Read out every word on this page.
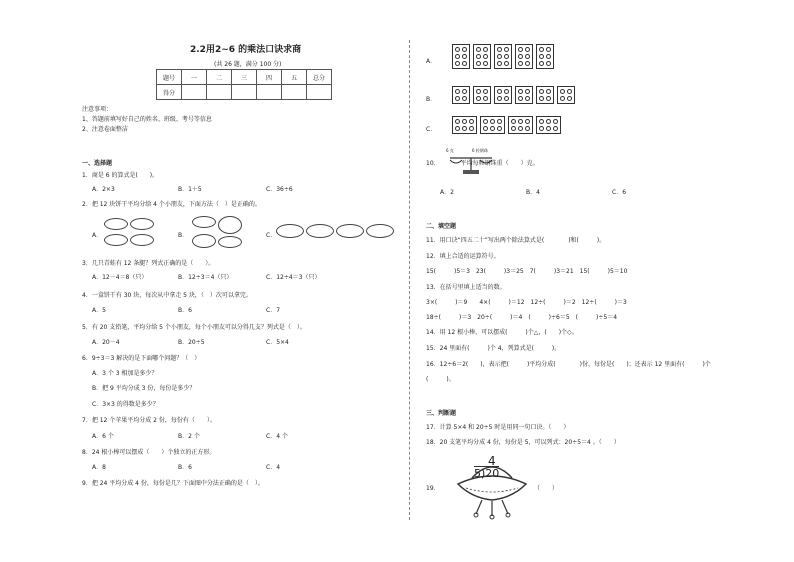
2.2用2~6 的乘法口诀求商
(共 26 题，满分 100 分)
题号	一	二	三	四	五	总分
得分						
注意事项：
1、答题前填写好自己的姓名、班级、考号等信息
2、注意卷面整洁
一、选择题
1．商是 6 的算式是(　　)。
A．2×3	B．1＋5	C．36÷6
2．把 12 块饼干平均分给 4 个小朋友，下面方法（　）是正确的。
A．	B．	C．
3．几只青蛙有 12 条腿？列式正确的是（　　）。
A．12－4＝8（只）	B．12÷3＝4（只）	C．12÷4＝3（只）
4．一盒饼干有 30 块，每次从中拿走 5 块，（　）次可以拿完。
A．5	B．6	C．7
5．有 20 支铅笔，平均分给 5 个小朋友，每个小朋友可以分得几支？列式是（　）。
A．20－4	B．20÷5	C．5×4
6．9÷3＝3 解决的是下面哪个问题？（　）
A．3 个 3 相加是多少？
B．把 9 平均分成 3 份，每份是多少？
C．3×3 的得数是多少？
7．把 12 个苹果平均分成 2 份，每份有（　　）。
A．6 个	B．2 个	C．4 个
8．24 根小棒可以摆成（　　）个独立的正方形。
A．8	B．6	C．4
9．把 24 平均分成 4 份，每份是几？下面图中分法正确的是（　）。
A．
B．
C．
6 克	6 粒钢珠
10．　　　　平均每粒钢珠重（　　）克。
A．2	B．4	C．6
二、填空题
11．用口诀“四五二十”写出两个除法算式是(　　　　)和(　　　)。
12．填上合适的运算符号。
15(　　　)5＝3　23(　　　)3＝25　7(　　　)3＝21　15(　　　)5＝10
13．在括号里填上适当的数。
3×(　　　)＝9　　4×(　　　)＝12　12÷(　　　)＝2　12÷(　　　)＝3
18÷(　　　)＝3　20÷(　　　)＝4　(　　　)÷6＝5　(　　　)÷5＝4
14．用 12 根小棒，可以摆成(　　　)个△，(　　)个◇。
15．24 里面有(　　　)个 4，列算式是(　　　)。
16．12÷6＝2(　　)，表示把(　　　)平均分成(　　　　)份，每份是(　　)；还表示 12 里面有(　　　)个
(　　　)。
三、判断题
17．计算 5×4 和 20÷5 时是用同一句口诀。（　　）
18．20 支笔平均分成 4 份，每份是 5，可以列式：20÷5＝4 。（　　）
19．	（　　）
4
5)20
